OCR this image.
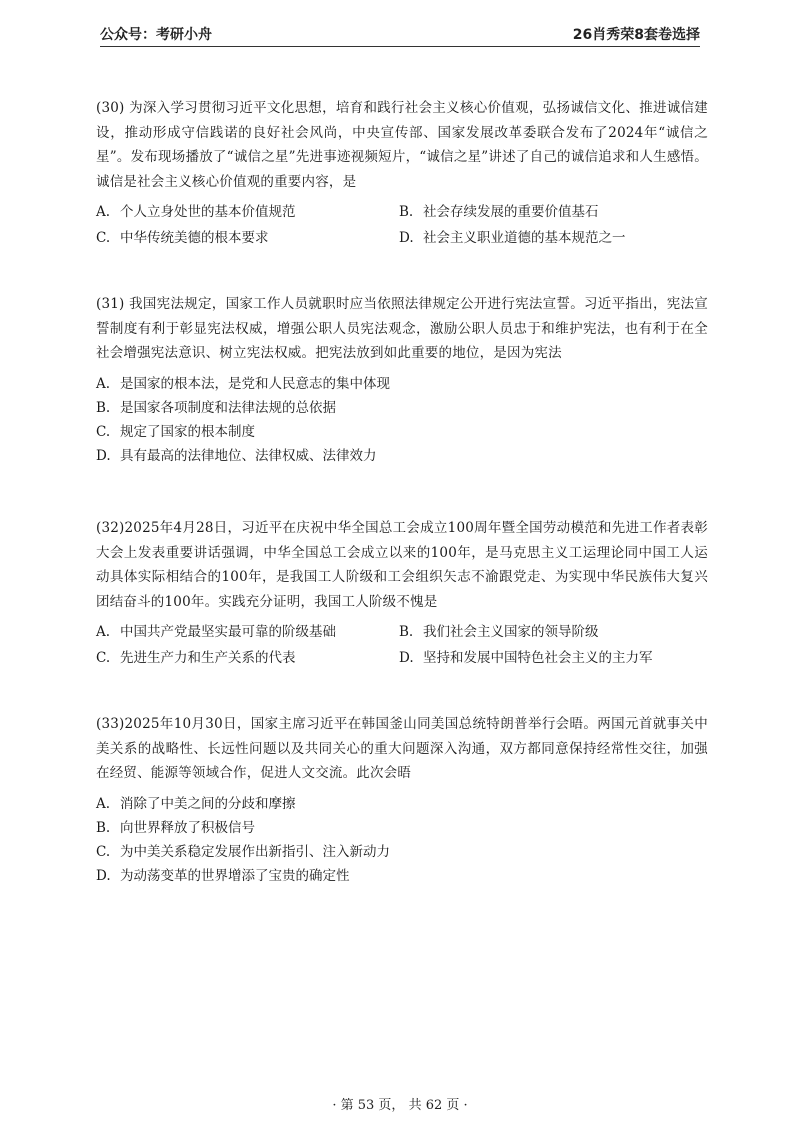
公众号：考研小舟	26肖秀荣8套卷选择

(30) 为深入学习贯彻习近平文化思想，培育和践行社会主义核心价值观，弘扬诚信文化、推进诚信建设，推动形成守信践诺的良好社会风尚，中央宣传部、国家发展改革委联合发布了2024年“诚信之星”。发布现场播放了“诚信之星”先进事迹视频短片，“诚信之星”讲述了自己的诚信追求和人生感悟。诚信是社会主义核心价值观的重要内容，是

A. 个人立身处世的基本价值规范	B. 社会存续发展的重要价值基石
C. 中华传统美德的根本要求	D. 社会主义职业道德的基本规范之一

(31) 我国宪法规定，国家工作人员就职时应当依照法律规定公开进行宪法宣誓。习近平指出，宪法宣誓制度有利于彰显宪法权威，增强公职人员宪法观念，激励公职人员忠于和维护宪法，也有利于在全社会增强宪法意识、树立宪法权威。把宪法放到如此重要的地位，是因为宪法

A. 是国家的根本法，是党和人民意志的集中体现
B. 是国家各项制度和法律法规的总依据
C. 规定了国家的根本制度
D. 具有最高的法律地位、法律权威、法律效力

(32)2025年4月28日，习近平在庆祝中华全国总工会成立100周年暨全国劳动模范和先进工作者表彰大会上发表重要讲话强调，中华全国总工会成立以来的100年，是马克思主义工运理论同中国工人运动具体实际相结合的100年，是我国工人阶级和工会组织矢志不渝跟党走、为实现中华民族伟大复兴团结奋斗的100年。实践充分证明，我国工人阶级不愧是

A. 中国共产党最坚实最可靠的阶级基础	B. 我们社会主义国家的领导阶级
C. 先进生产力和生产关系的代表	D. 坚持和发展中国特色社会主义的主力军

(33)2025年10月30日，国家主席习近平在韩国釜山同美国总统特朗普举行会晤。两国元首就事关中美关系的战略性、长远性问题以及共同关心的重大问题深入沟通，双方都同意保持经常性交往，加强在经贸、能源等领域合作，促进人文交流。此次会晤

A. 消除了中美之间的分歧和摩擦
B. 向世界释放了积极信号
C. 为中美关系稳定发展作出新指引、注入新动力
D. 为动荡变革的世界增添了宝贵的确定性
· 第 53 页， 共 62 页 ·
